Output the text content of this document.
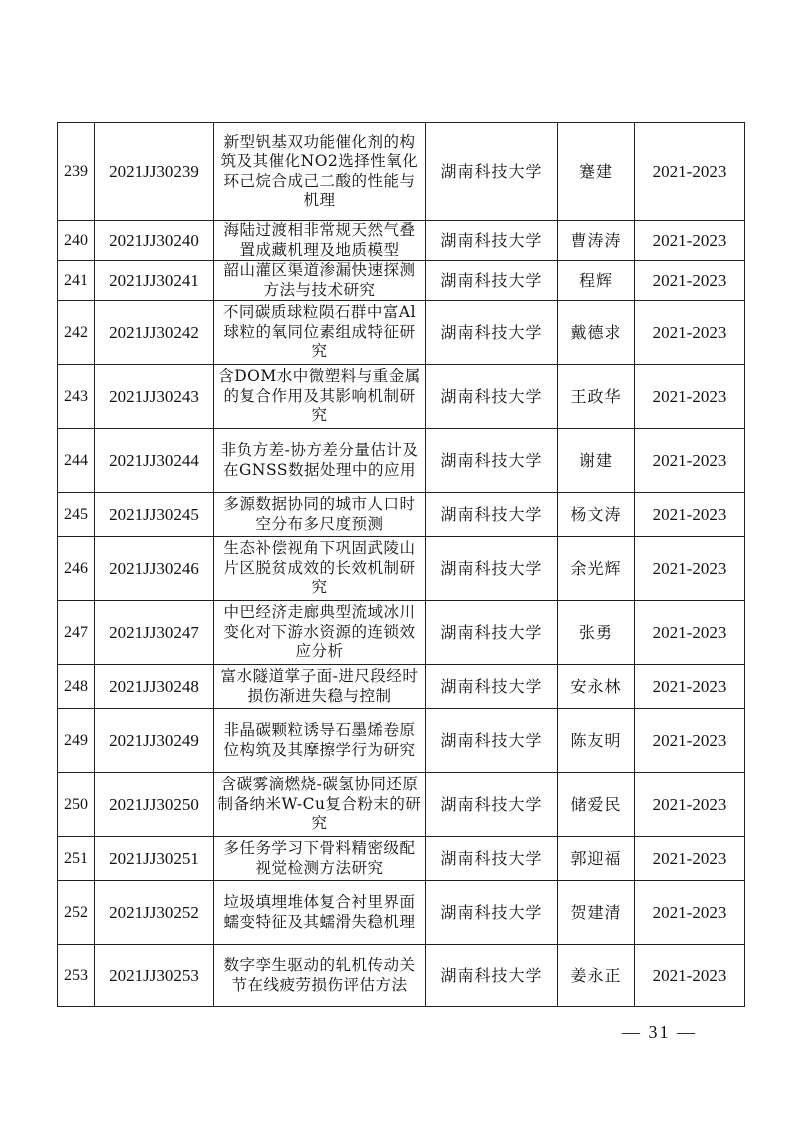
239	2021JJ30239	新型钒基双功能催化剂的构筑及其催化NO2选择性氧化环己烷合成己二酸的性能与机理	湖南科技大学	蹇建	2021-2023
240	2021JJ30240	海陆过渡相非常规天然气叠置成藏机理及地质模型	湖南科技大学	曹涛涛	2021-2023
241	2021JJ30241	韶山灌区渠道渗漏快速探测方法与技术研究	湖南科技大学	程辉	2021-2023
242	2021JJ30242	不同碳质球粒陨石群中富Al球粒的氧同位素组成特征研究	湖南科技大学	戴德求	2021-2023
243	2021JJ30243	含DOM水中微塑料与重金属的复合作用及其影响机制研究	湖南科技大学	王政华	2021-2023
244	2021JJ30244	非负方差-协方差分量估计及在GNSS数据处理中的应用	湖南科技大学	谢建	2021-2023
245	2021JJ30245	多源数据协同的城市人口时空分布多尺度预测	湖南科技大学	杨文涛	2021-2023
246	2021JJ30246	生态补偿视角下巩固武陵山片区脱贫成效的长效机制研究	湖南科技大学	余光辉	2021-2023
247	2021JJ30247	中巴经济走廊典型流域冰川变化对下游水资源的连锁效应分析	湖南科技大学	张勇	2021-2023
248	2021JJ30248	富水隧道掌子面-进尺段经时损伤渐进失稳与控制	湖南科技大学	安永林	2021-2023
249	2021JJ30249	非晶碳颗粒诱导石墨烯卷原位构筑及其摩擦学行为研究	湖南科技大学	陈友明	2021-2023
250	2021JJ30250	含碳雾滴燃烧-碳氢协同还原制备纳米W-Cu复合粉末的研究	湖南科技大学	储爱民	2021-2023
251	2021JJ30251	多任务学习下骨料精密级配视觉检测方法研究	湖南科技大学	郭迎福	2021-2023
252	2021JJ30252	垃圾填埋堆体复合衬里界面蠕变特征及其蠕滑失稳机理	湖南科技大学	贺建清	2021-2023
253	2021JJ30253	数字孪生驱动的轧机传动关节在线疲劳损伤评估方法	湖南科技大学	姜永正	2021-2023
— 31 —
